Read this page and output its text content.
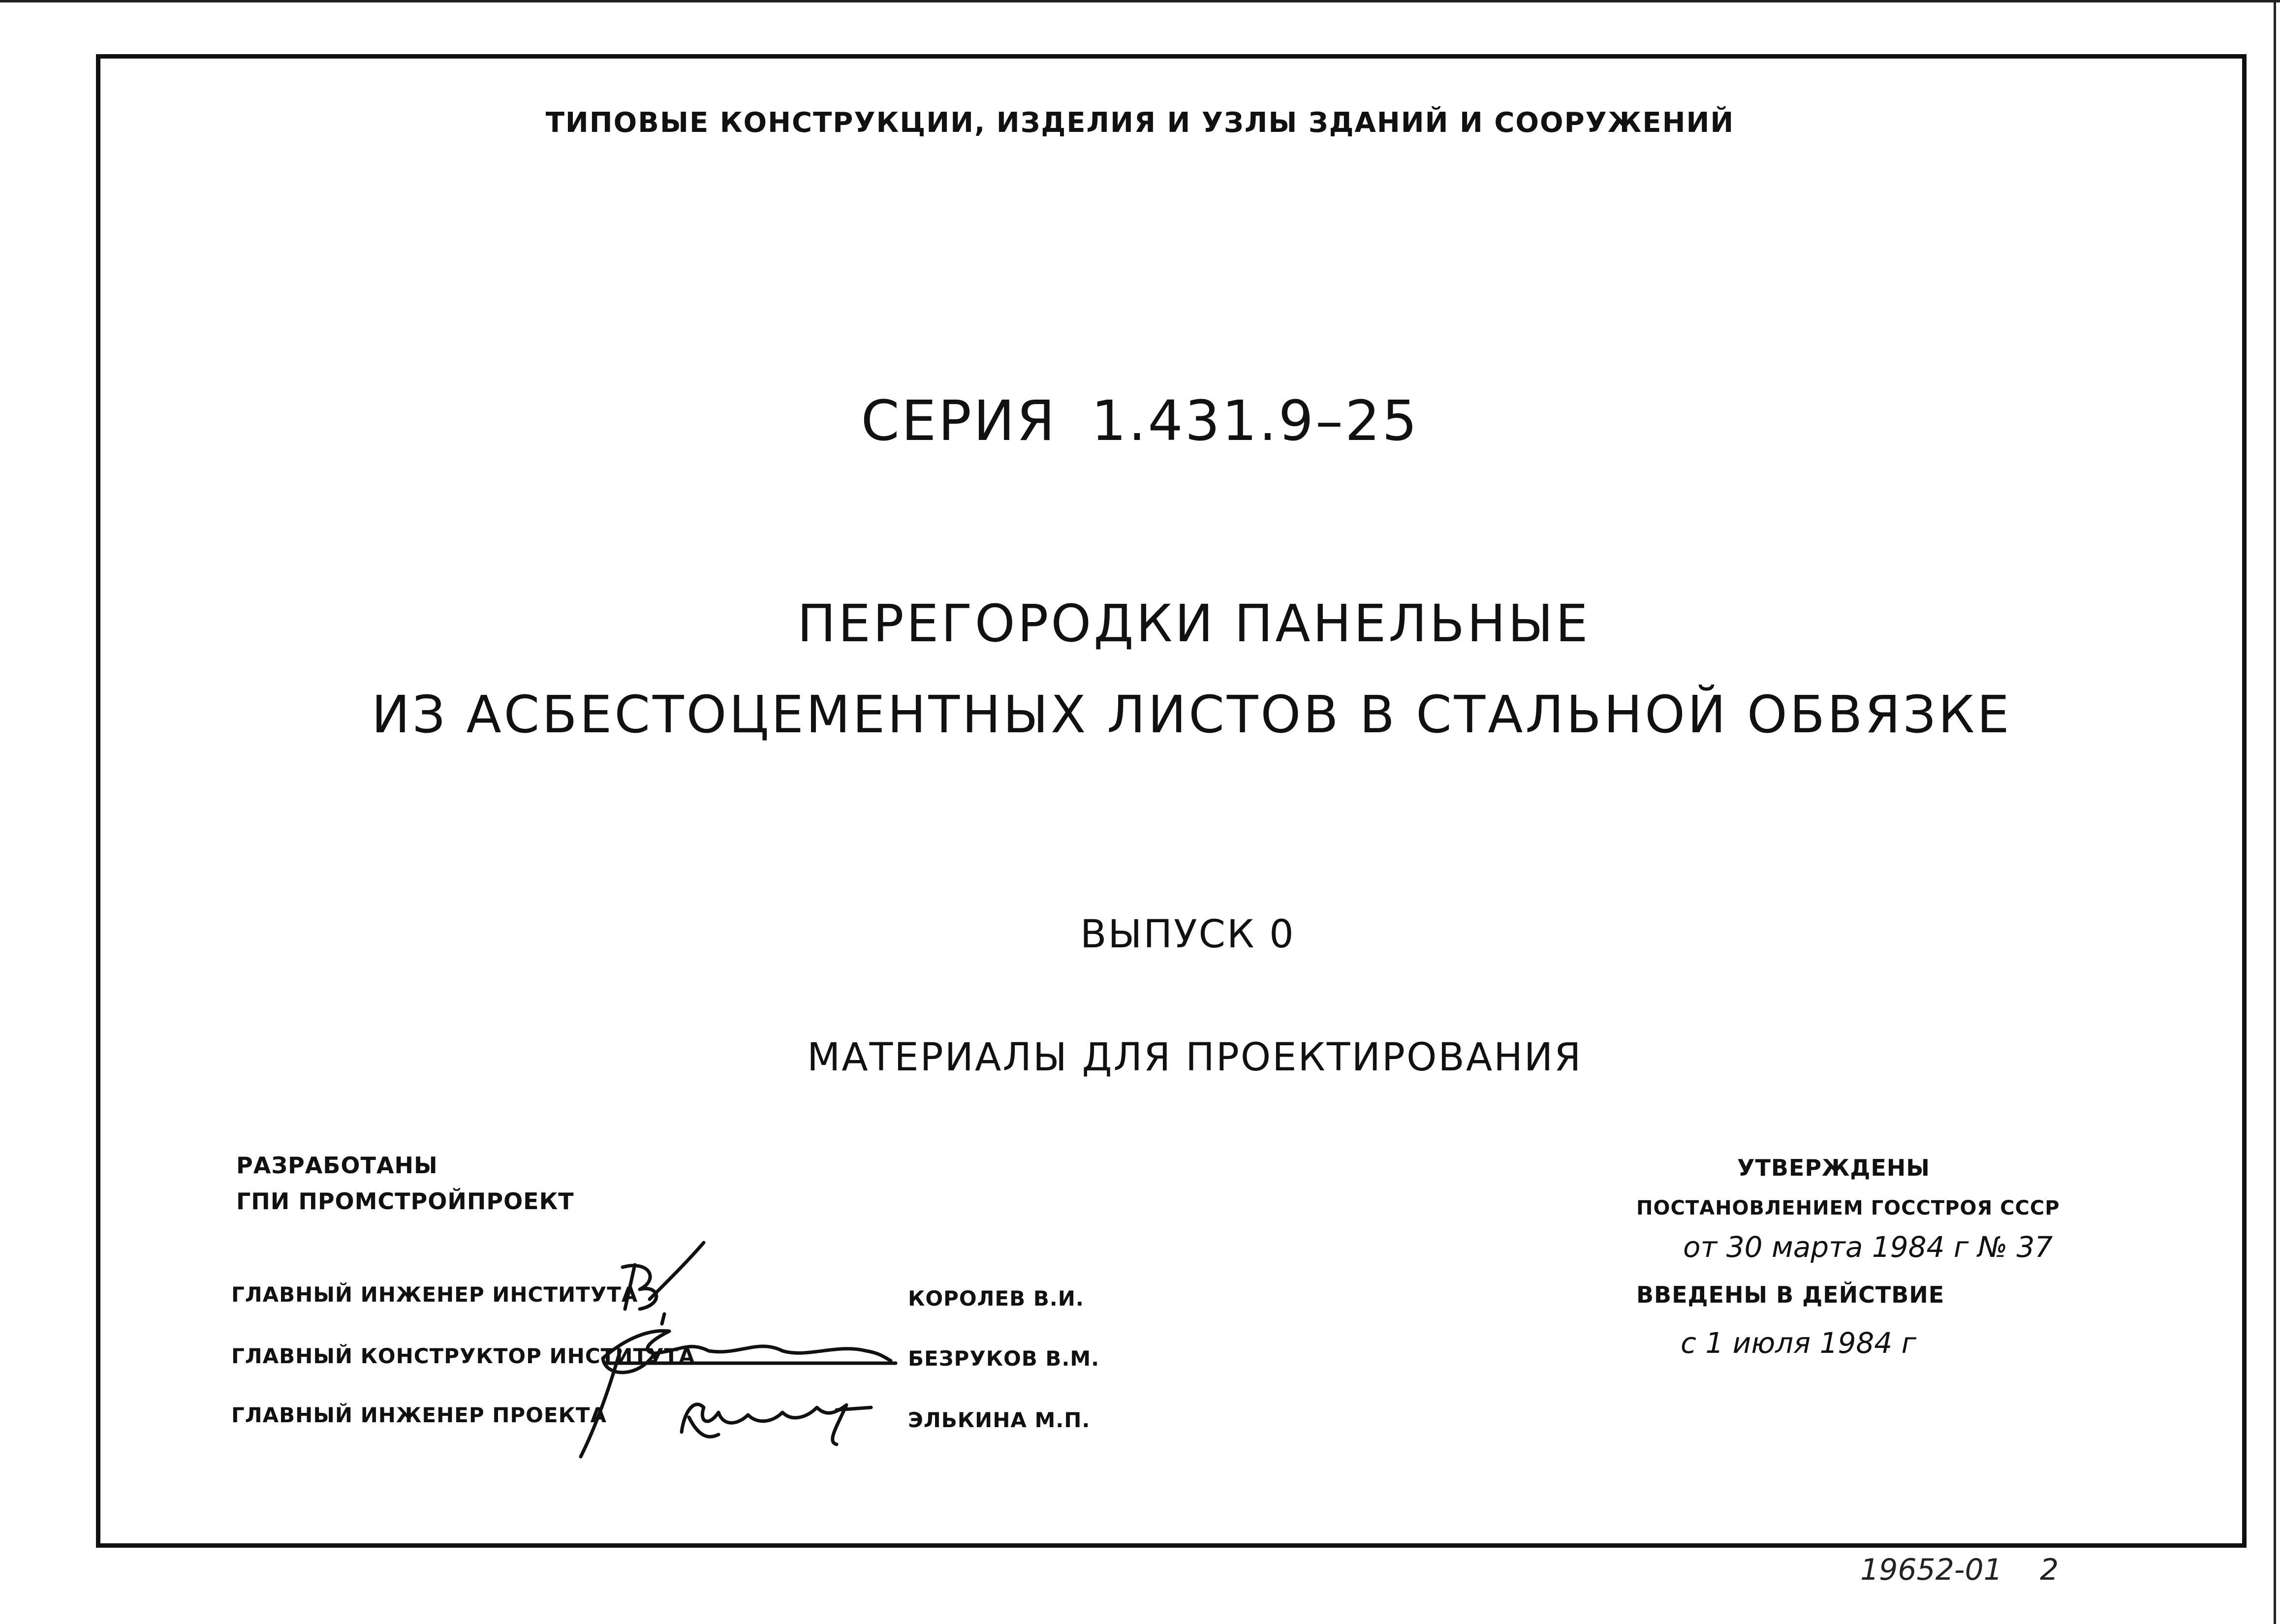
ТИПОВЫЕ КОНСТРУКЦИИ, ИЗДЕЛИЯ И УЗЛЫ ЗДАНИЙ И СООРУЖЕНИЙ
СЕРИЯ 1.431.9–25
ПЕРЕГОРОДКИ ПАНЕЛЬНЫЕ
ИЗ АСБЕСТОЦЕМЕНТНЫХ ЛИСТОВ В СТАЛЬНОЙ ОБВЯЗКЕ
ВЫПУСК 0
МАТЕРИАЛЫ ДЛЯ ПРОЕКТИРОВАНИЯ
РАЗРАБОТАНЫ
ГПИ ПРОМСТРОЙПРОЕКТ
ГЛАВНЫЙ ИНЖЕНЕР ИНСТИТУТА
ГЛАВНЫЙ КОНСТРУКТОР ИНСТИТУТА
ГЛАВНЫЙ ИНЖЕНЕР ПРОЕКТА
КОРОЛЕВ В.И.
БЕЗРУКОВ В.М.
ЭЛЬКИНА М.П.
УТВЕРЖДЕНЫ
ПОСТАНОВЛЕНИЕМ ГОССТРОЯ СССР
от 30 марта 1984 г № 37
ВВЕДЕНЫ В ДЕЙСТВИЕ
с 1 июля 1984 г
19652-01    2
